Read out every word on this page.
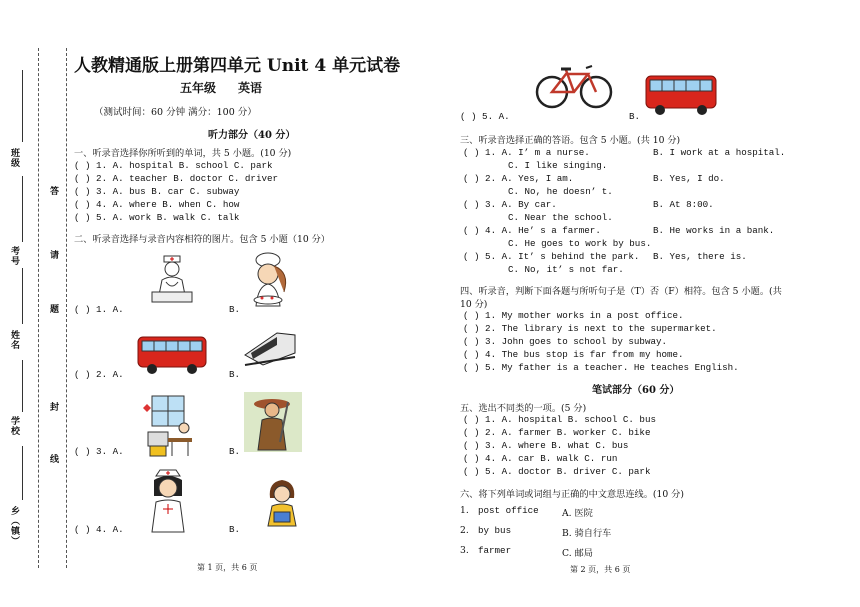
乡（镇）
学校
姓名
考号
班级
答
请
题
封
线
人教精通版上册第四单元 Unit 4 单元试卷
五年级 英语
（测试时间：60 分钟 满分：100 分）
听力部分（40 分）
一、听录音选择你所听到的单词，共 5 小题。(10 分)
( ) 1. A. hospital B. school C. park
( ) 2. A. teacher B. doctor C. driver
( ) 3. A. bus B. car C. subway
( ) 4. A. where B. when C. how
( ) 5. A. work B. walk C. talk
二、听录音选择与录音内容相符的图片。包含 5 小题（10 分）
( ) 1. A.	B.
( ) 2. A.	B.
( ) 3. A.	B.
( ) 4. A.	B.
第 1 页，共 6 页
( ) 5. A.	B.
三、听录音选择正确的答语。包含 5 小题。(共 10 分)
( ) 1. A. I’ m a nurse.	B. I work at a hospital.
C. I like singing.
( ) 2. A. Yes, I am.	B. Yes, I do.
C. No, he doesn’ t.
( ) 3. A. By car.	B. At 8:00.
C. Near the school.
( ) 4. A. He’ s a farmer.	B. He works in a bank.
C. He goes to work by bus.
( ) 5. A. It’ s behind the park. B. Yes, there is.
C. No, it’ s not far.
四、听录音，判断下面各题与所听句子是（T）否（F）相符。包含 5 小题。(共
10 分)
( ) 1. My mother works in a post office.
( ) 2. The library is next to the supermarket.
( ) 3. John goes to school by subway.
( ) 4. The bus stop is far from my home.
( ) 5. My father is a teacher. He teaches English.
笔试部分（60 分）
五、选出不同类的一项。(5 分)
( ) 1. A. hospital B. school C. bus
( ) 2. A. farmer B. worker C. bike
( ) 3. A. where B. what C. bus
( ) 4. A. car B. walk C. run
( ) 5. A. doctor B. driver C. park
六、将下列单词或词组与正确的中文意思连线。(10 分)
1. post office	A. 医院
2. by bus	B. 骑自行车
3. farmer	C. 邮局
第 2 页，共 6 页
